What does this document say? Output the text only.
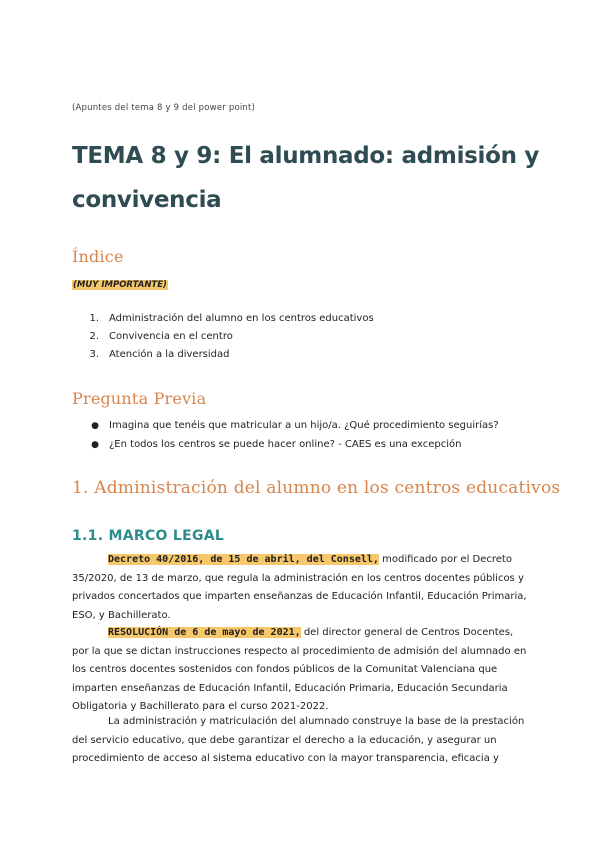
(Apuntes del tema 8 y 9 del power point)
TEMA 8 y 9: El alumnado: admisión y convivencia
Índice
(MUY IMPORTANTE)
1. Administración del alumno en los centros educativos
2. Convivencia en el centro
3. Atención a la diversidad
Pregunta Previa
● Imagina que tenéis que matricular a un hijo/a. ¿Qué procedimiento seguirías?
● ¿En todos los centros se puede hacer online? - CAES es una excepción
1. Administración del alumno en los centros educativos
1.1. MARCO LEGAL
Decreto 40/2016, de 15 de abril, del Consell, modificado por el Decreto 35/2020, de 13 de marzo, que regula la administración en los centros docentes públicos y privados concertados que imparten enseñanzas de Educación Infantil, Educación Primaria, ESO, y Bachillerato.
RESOLUCIÓN de 6 de mayo de 2021, del director general de Centros Docentes, por la que se dictan instrucciones respecto al procedimiento de admisión del alumnado en los centros docentes sostenidos con fondos públicos de la Comunitat Valenciana que imparten enseñanzas de Educación Infantil, Educación Primaria, Educación Secundaria Obligatoria y Bachillerato para el curso 2021-2022.
La administración y matriculación del alumnado construye la base de la prestación del servicio educativo, que debe garantizar el derecho a la educación, y asegurar un procedimiento de acceso al sistema educativo con la mayor transparencia, eficacia y
